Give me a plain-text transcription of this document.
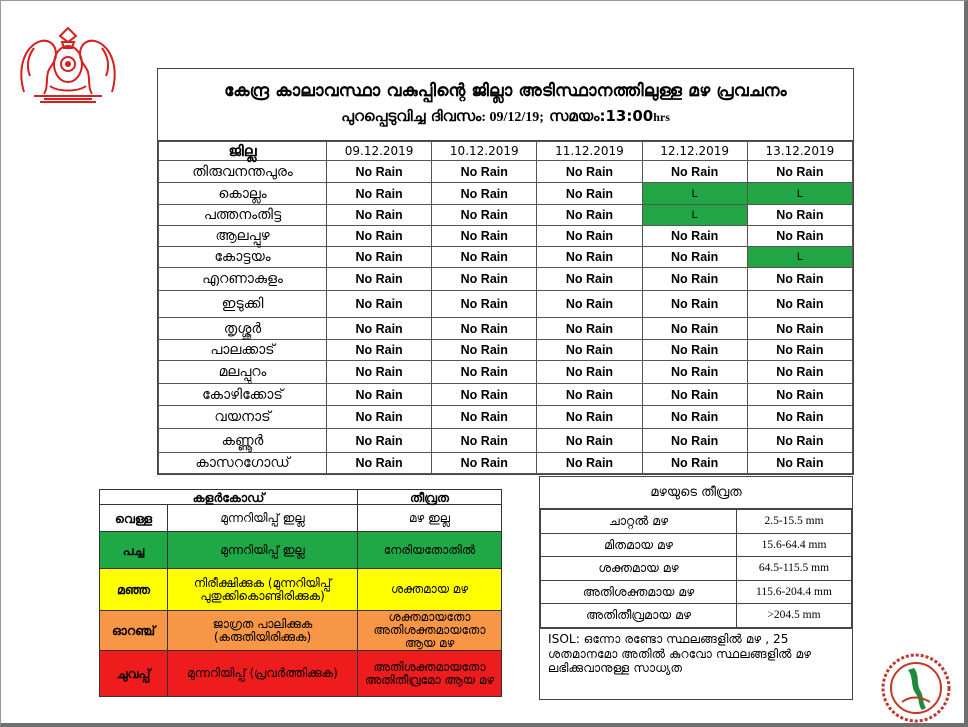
കേന്ദ്ര കാലാവസ്ഥാ വകുപ്പിന്റെ ജില്ലാ അടിസ്ഥാനത്തിലുള്ള മഴ പ്രവചനം
പുറപ്പെടുവിച്ച ദിവസം: 09/12/19; സമയം:13:00hrs
ജില്ല	09.12.2019	10.12.2019	11.12.2019	12.12.2019	13.12.2019
തിരുവനന്തപുരം	No Rain	No Rain	No Rain	No Rain	No Rain
കൊല്ലം	No Rain	No Rain	No Rain	L	L
പത്തനംതിട്ട	No Rain	No Rain	No Rain	L	No Rain
ആലപ്പുഴ	No Rain	No Rain	No Rain	No Rain	No Rain
കോട്ടയം	No Rain	No Rain	No Rain	No Rain	L
എറണാകുളം	No Rain	No Rain	No Rain	No Rain	No Rain
ഇടുക്കി	No Rain	No Rain	No Rain	No Rain	No Rain
തൃശ്ശൂർ	No Rain	No Rain	No Rain	No Rain	No Rain
പാലക്കാട്	No Rain	No Rain	No Rain	No Rain	No Rain
മലപ്പുറം	No Rain	No Rain	No Rain	No Rain	No Rain
കോഴിക്കോട്	No Rain	No Rain	No Rain	No Rain	No Rain
വയനാട്	No Rain	No Rain	No Rain	No Rain	No Rain
കണ്ണൂർ	No Rain	No Rain	No Rain	No Rain	No Rain
കാസറഗോഡ്	No Rain	No Rain	No Rain	No Rain	No Rain
കളർകോഡ്		തീവ്രത
വെള്ള	മുന്നറിയിപ്പ് ഇല്ല	മഴ ഇല്ല
പച്ച	മുന്നറിയിപ്പ് ഇല്ല	നേരിയതോതിൽ
മഞ്ഞ	നിരീക്ഷിക്കുക (മുന്നറിയിപ്പ് പുതുക്കികൊണ്ടിരിക്കുക)	ശക്തമായ മഴ
ഓറഞ്ച്	ജാഗ്രത പാലിക്കുക (കരുതിയിരിക്കുക)	ശക്തമായതോ അതിശക്തമായതോ ആയ മഴ
ചുവപ്പ്	മുന്നറിയിപ്പ് (പ്രവർത്തിക്കുക)	അതിശക്തമായതോ അതിതീവ്രമോ ആയ മഴ
മഴയുടെ തീവ്രത
ചാറ്റൽ മഴ	2.5-15.5 mm
മിതമായ മഴ	15.6-64.4 mm
ശക്തമായ മഴ	64.5-115.5 mm
അതിശക്തമായ മഴ	115.6-204.4 mm
അതിതീവ്രമായ മഴ	>204.5 mm
ISOL: ഒന്നോ രണ്ടോ സ്ഥലങ്ങളിൽ മഴ , 25 ശതമാനമോ അതിൽ കുറവോ സ്ഥലങ്ങളിൽ മഴ ലഭിക്കുവാനുള്ള സാധ്യത
